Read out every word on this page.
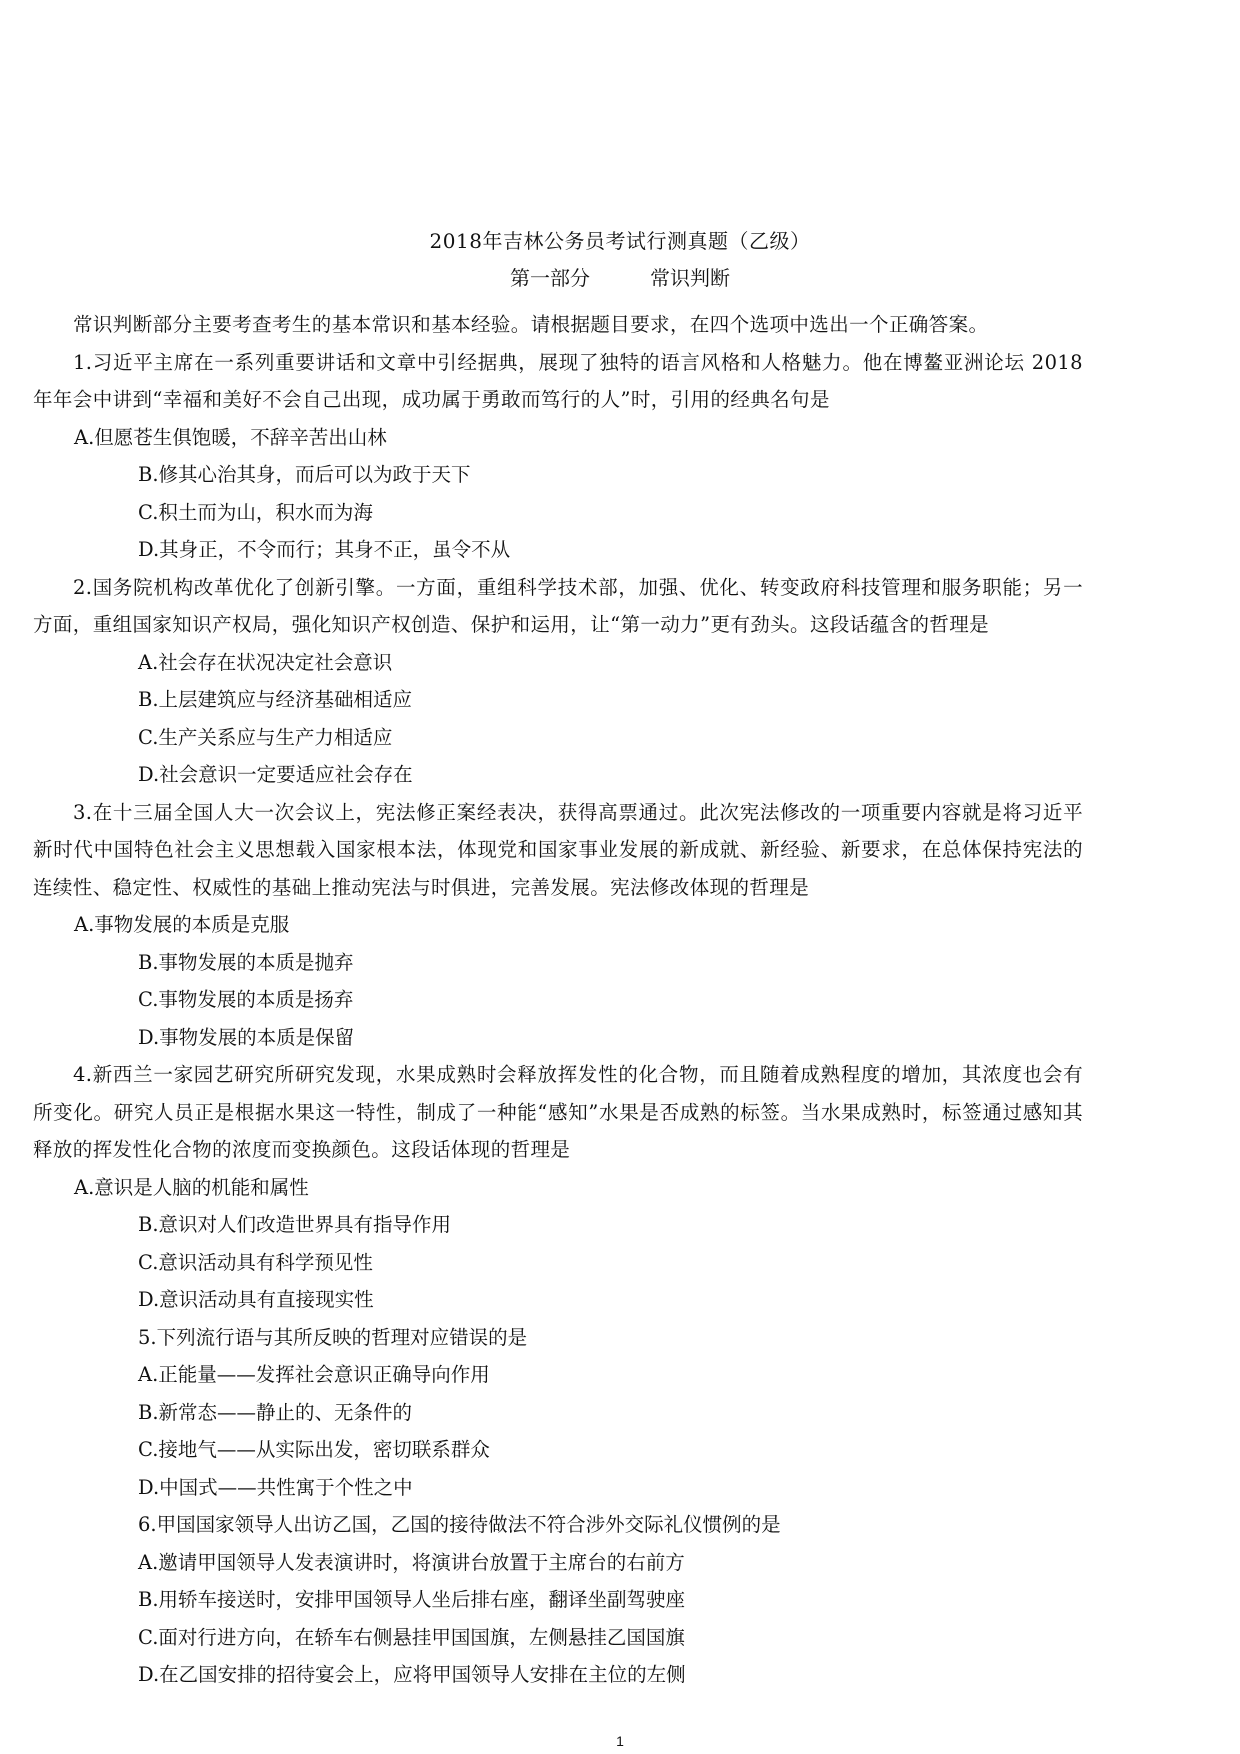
2018年吉林公务员考试行测真题（乙级）
第一部分	常识判断

常识判断部分主要考查考生的基本常识和基本经验。请根据题目要求，在四个选项中选出一个正确答案。

1.习近平主席在一系列重要讲话和文章中引经据典，展现了独特的语言风格和人格魅力。他在博鳌亚洲论坛 2018年年会中讲到“幸福和美好不会自己出现，成功属于勇敢而笃行的人”时，引用的经典名句是

A.但愿苍生俱饱暖，不辞辛苦出山林

B.修其心治其身，而后可以为政于天下

C.积土而为山，积水而为海

D.其身正，不令而行；其身不正，虽令不从

2.国务院机构改革优化了创新引擎。一方面，重组科学技术部，加强、优化、转变政府科技管理和服务职能；另一方面，重组国家知识产权局，强化知识产权创造、保护和运用，让“第一动力”更有劲头。这段话蕴含的哲理是

A.社会存在状况决定社会意识

B.上层建筑应与经济基础相适应

C.生产关系应与生产力相适应

D.社会意识一定要适应社会存在

3.在十三届全国人大一次会议上，宪法修正案经表决，获得高票通过。此次宪法修改的一项重要内容就是将习近平新时代中国特色社会主义思想载入国家根本法，体现党和国家事业发展的新成就、新经验、新要求，在总体保持宪法的连续性、稳定性、权威性的基础上推动宪法与时俱进，完善发展。宪法修改体现的哲理是

A.事物发展的本质是克服

B.事物发展的本质是抛弃

C.事物发展的本质是扬弃

D.事物发展的本质是保留

4.新西兰一家园艺研究所研究发现，水果成熟时会释放挥发性的化合物，而且随着成熟程度的增加，其浓度也会有所变化。研究人员正是根据水果这一特性，制成了一种能“感知”水果是否成熟的标签。当水果成熟时，标签通过感知其释放的挥发性化合物的浓度而变换颜色。这段话体现的哲理是

A.意识是人脑的机能和属性

B.意识对人们改造世界具有指导作用

C.意识活动具有科学预见性

D.意识活动具有直接现实性

5.下列流行语与其所反映的哲理对应错误的是

A.正能量——发挥社会意识正确导向作用

B.新常态——静止的、无条件的

C.接地气——从实际出发，密切联系群众

D.中国式——共性寓于个性之中

6.甲国国家领导人出访乙国，乙国的接待做法不符合涉外交际礼仪惯例的是

A.邀请甲国领导人发表演讲时，将演讲台放置于主席台的右前方

B.用轿车接送时，安排甲国领导人坐后排右座，翻译坐副驾驶座

C.面对行进方向，在轿车右侧悬挂甲国国旗，左侧悬挂乙国国旗

D.在乙国安排的招待宴会上，应将甲国领导人安排在主位的左侧

1
